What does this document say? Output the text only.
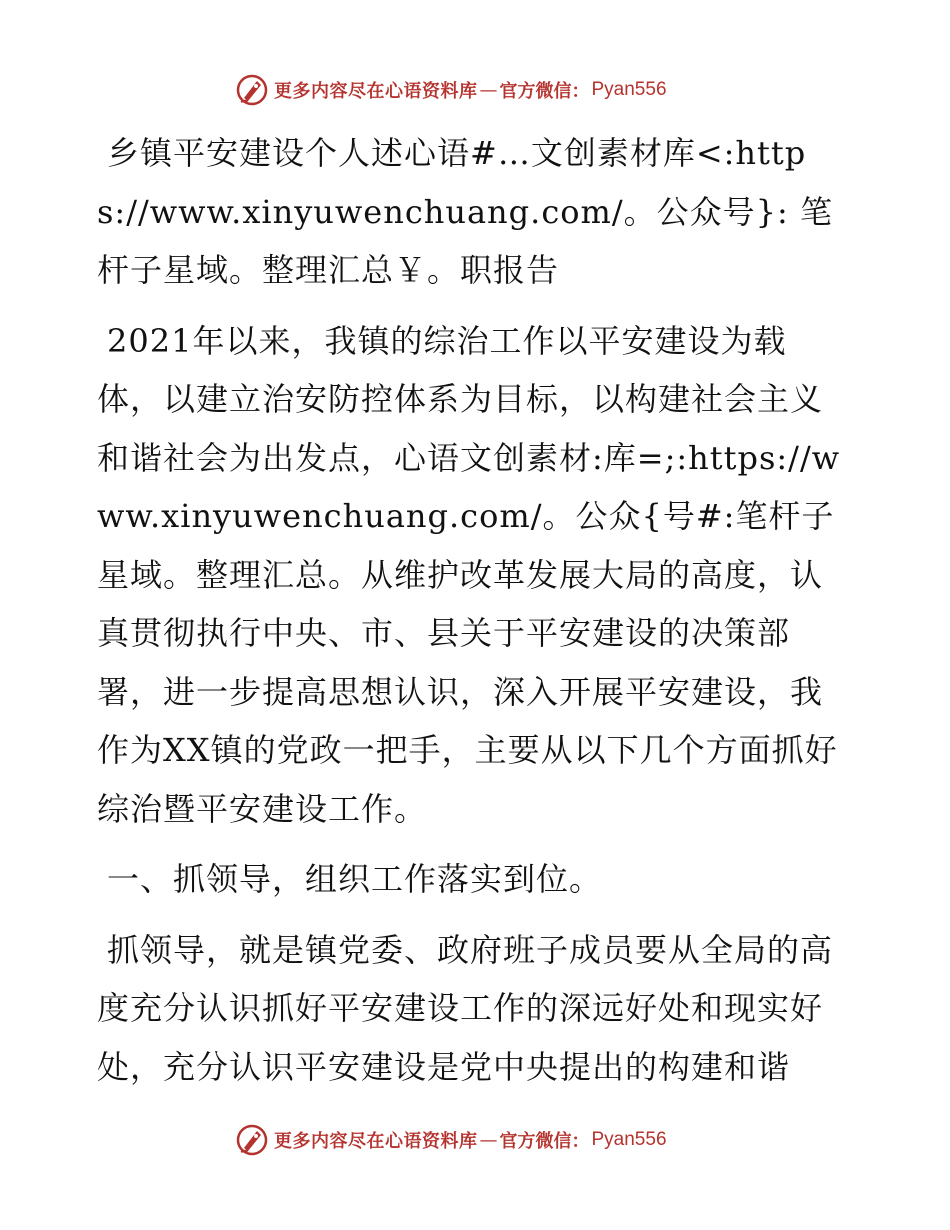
更多内容尽在心语资料库 — 官方微信： Pyan556

乡镇平安建设个人述心语#…文创素材库<:https://www.xinyuwenchuang.com/。公众号}: 笔杆子星域。整理汇总￥。职报告

2021年以来，我镇的综治工作以平安建设为载体，以建立治安防控体系为目标，以构建社会主义和谐社会为出发点，心语文创素材:库=;:https://www.xinyuwenchuang.com/。公众{号#:笔杆子星域。整理汇总。从维护改革发展大局的高度，认真贯彻执行中央、市、县关于平安建设的决策部署，进一步提高思想认识，深入开展平安建设，我作为XX镇的党政一把手，主要从以下几个方面抓好综治暨平安建设工作。

一、抓领导，组织工作落实到位。

抓领导，就是镇党委、政府班子成员要从全局的高度充分认识抓好平安建设工作的深远好处和现实好处，充分认识平安建设是党中央提出的构建和谐

更多内容尽在心语资料库 — 官方微信： Pyan556
